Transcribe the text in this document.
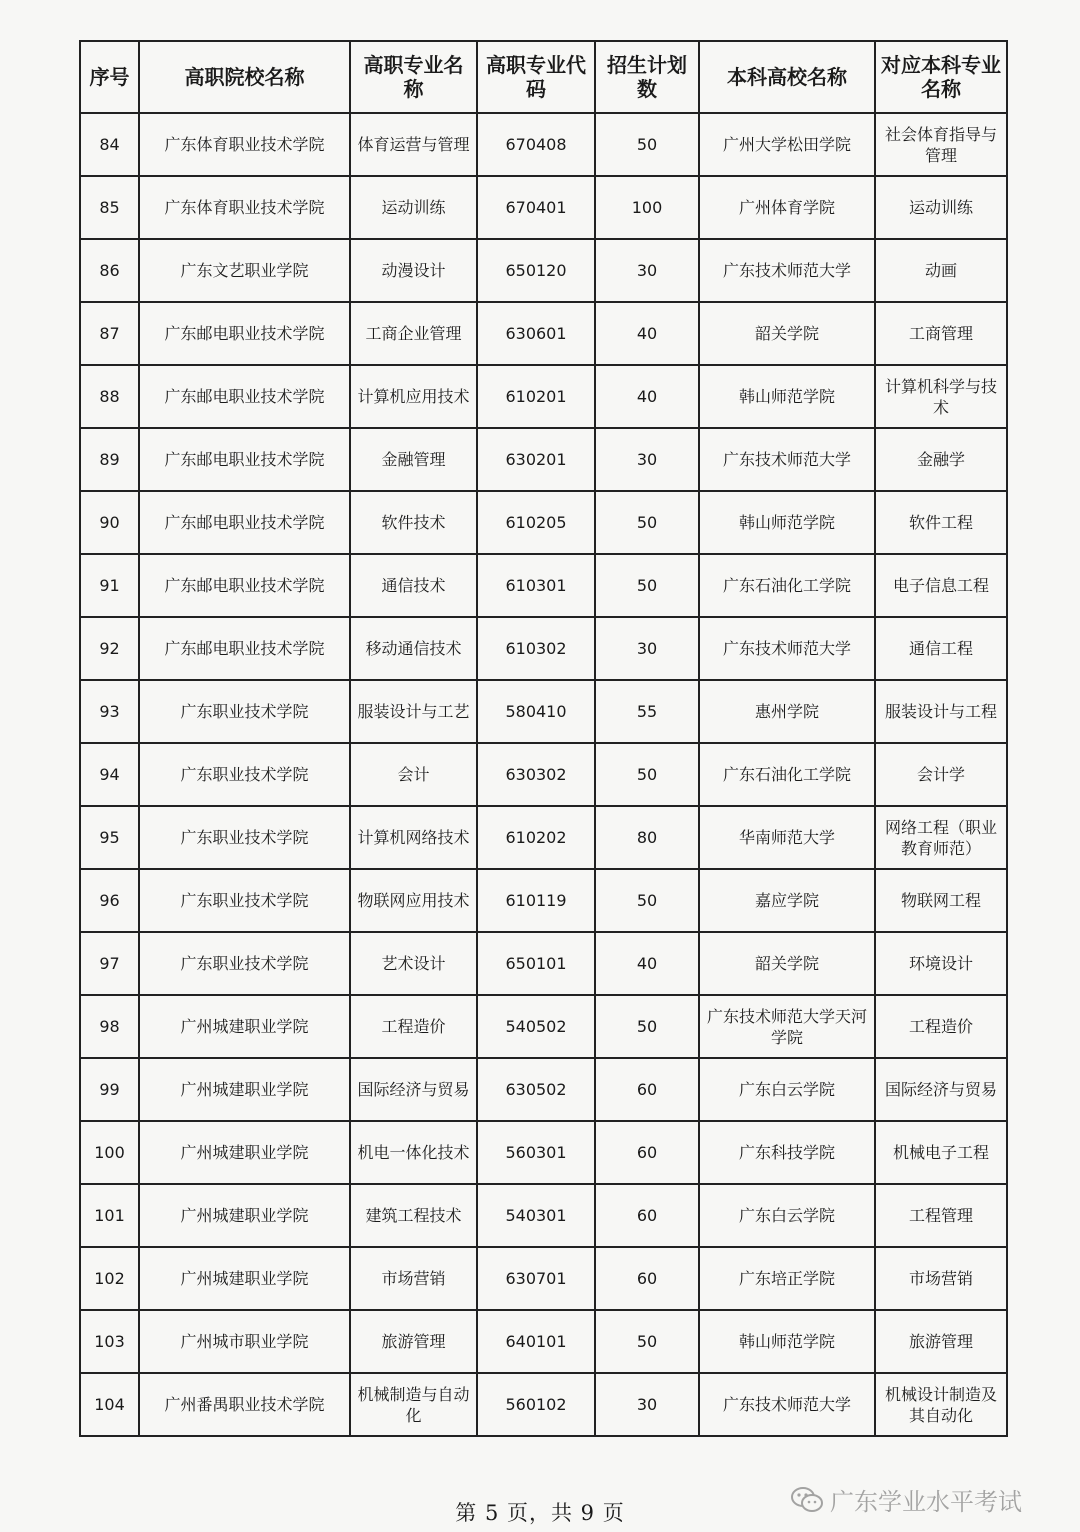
序号	高职院校名称	高职专业名称	高职专业代码	招生计划数	本科高校名称	对应本科专业名称
84	广东体育职业技术学院	体育运营与管理	670408	50	广州大学松田学院	社会体育指导与管理
85	广东体育职业技术学院	运动训练	670401	100	广州体育学院	运动训练
86	广东文艺职业学院	动漫设计	650120	30	广东技术师范大学	动画
87	广东邮电职业技术学院	工商企业管理	630601	40	韶关学院	工商管理
88	广东邮电职业技术学院	计算机应用技术	610201	40	韩山师范学院	计算机科学与技术
89	广东邮电职业技术学院	金融管理	630201	30	广东技术师范大学	金融学
90	广东邮电职业技术学院	软件技术	610205	50	韩山师范学院	软件工程
91	广东邮电职业技术学院	通信技术	610301	50	广东石油化工学院	电子信息工程
92	广东邮电职业技术学院	移动通信技术	610302	30	广东技术师范大学	通信工程
93	广东职业技术学院	服装设计与工艺	580410	55	惠州学院	服装设计与工程
94	广东职业技术学院	会计	630302	50	广东石油化工学院	会计学
95	广东职业技术学院	计算机网络技术	610202	80	华南师范大学	网络工程（职业教育师范）
96	广东职业技术学院	物联网应用技术	610119	50	嘉应学院	物联网工程
97	广东职业技术学院	艺术设计	650101	40	韶关学院	环境设计
98	广州城建职业学院	工程造价	540502	50	广东技术师范大学天河学院	工程造价
99	广州城建职业学院	国际经济与贸易	630502	60	广东白云学院	国际经济与贸易
100	广州城建职业学院	机电一体化技术	560301	60	广东科技学院	机械电子工程
101	广州城建职业学院	建筑工程技术	540301	60	广东白云学院	工程管理
102	广州城建职业学院	市场营销	630701	60	广东培正学院	市场营销
103	广州城市职业学院	旅游管理	640101	50	韩山师范学院	旅游管理
104	广州番禺职业技术学院	机械制造与自动化	560102	30	广东技术师范大学	机械设计制造及其自动化
第 5 页，共 9 页	广东学业水平考试
